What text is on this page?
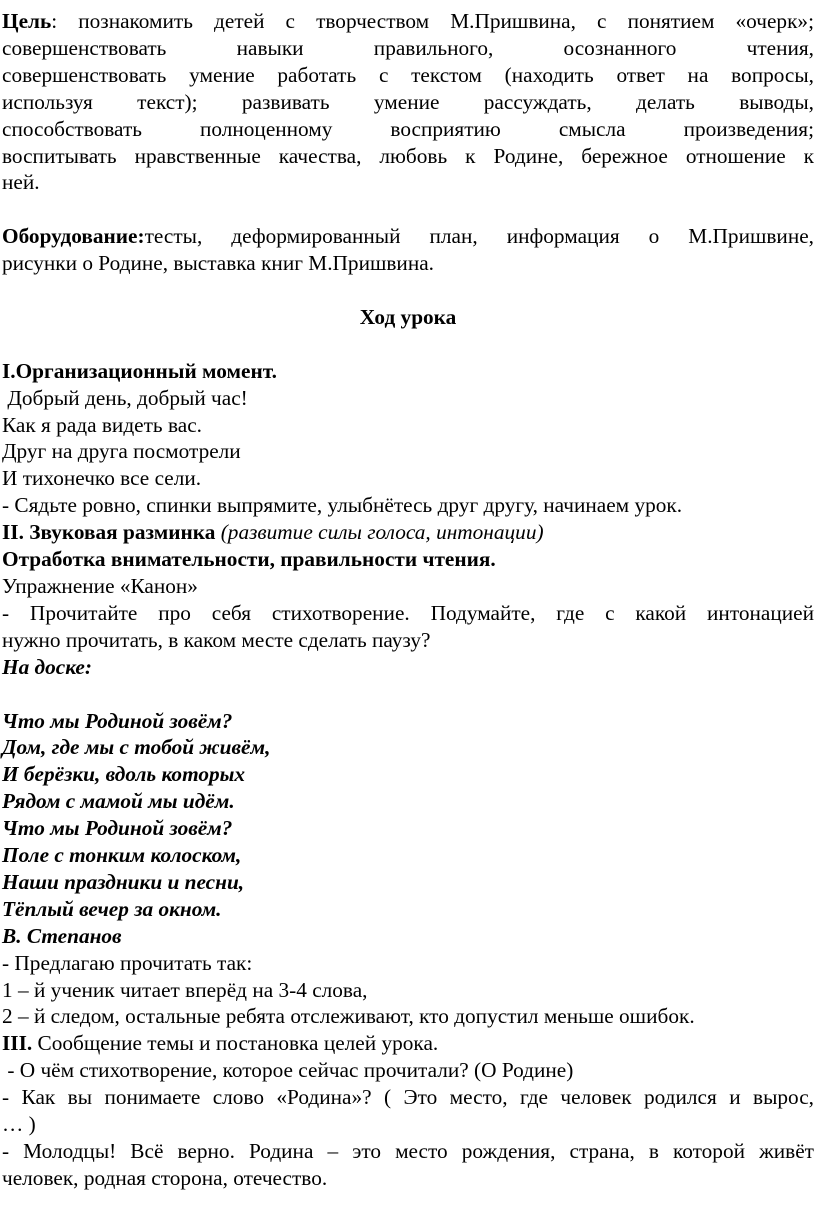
Цель: познакомить детей с творчеством М.Пришвина, с понятием «очерк»;

совершенствовать навыки правильного, осознанного чтения,

совершенствовать умение работать с текстом (находить ответ на вопросы,

используя текст); развивать умение рассуждать, делать выводы,

способствовать полноценному восприятию смысла произведения;

воспитывать нравственные качества, любовь к Родине, бережное отношение к

ней.

Оборудование:тесты, деформированный план, информация о М.Пришвине,

рисунки о Родине, выставка книг М.Пришвина.

Ход урока

I.Организационный момент.

Добрый день, добрый час!

Как я рада видеть вас.

Друг на друга посмотрели

И тихонечко все сели.

- Сядьте ровно, спинки выпрямите, улыбнётесь друг другу, начинаем урок.

II. Звуковая разминка (развитие силы голоса, интонации)

Отработка внимательности, правильности чтения.

Упражнение «Канон»

- Прочитайте про себя стихотворение. Подумайте, где с какой интонацией

нужно прочитать, в каком месте сделать паузу?

На доске:

Что мы Родиной зовём?

Дом, где мы с тобой живём,

И берёзки, вдоль которых

Рядом с мамой мы идём.

Что мы Родиной зовём?

Поле с тонким колоском,

Наши праздники и песни,

Тёплый вечер за окном.

В. Степанов

- Предлагаю прочитать так:

1 – й ученик читает вперёд на 3-4 слова,

2 – й следом, остальные ребята отслеживают, кто допустил меньше ошибок.

III. Сообщение темы и постановка целей урока.

- О чём стихотворение, которое сейчас прочитали? (О Родине)

- Как вы понимаете слово «Родина»? ( Это место, где человек родился и вырос,

… )

- Молодцы! Всё верно. Родина – это место рождения, страна, в которой живёт

человек, родная сторона, отечество.
